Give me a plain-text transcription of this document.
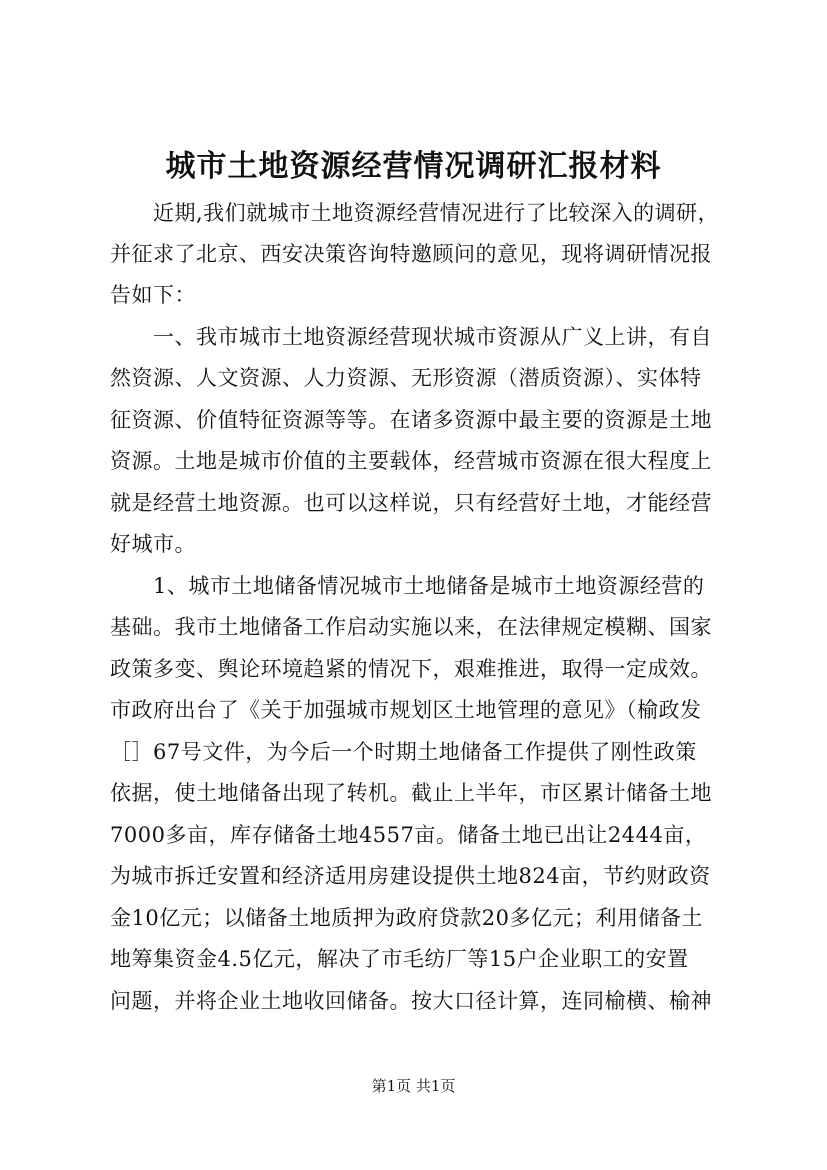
城市土地资源经营情况调研汇报材料

　　近期,我们就城市土地资源经营情况进行了比较深入的调研，

并征求了北京、西安决策咨询特邀顾问的意见，现将调研情况报

告如下：

　　一、我市城市土地资源经营现状城市资源从广义上讲，有自

然资源、人文资源、人力资源、无形资源（潜质资源）、实体特

征资源、价值特征资源等等。在诸多资源中最主要的资源是土地

资源。土地是城市价值的主要载体，经营城市资源在很大程度上

就是经营土地资源。也可以这样说，只有经营好土地，才能经营

好城市。

　　1、城市土地储备情况城市土地储备是城市土地资源经营的

基础。我市土地储备工作启动实施以来，在法律规定模糊、国家

政策多变、舆论环境趋紧的情况下，艰难推进，取得一定成效。

市政府出台了《关于加强城市规划区土地管理的意见》（榆政发

［］67号文件，为今后一个时期土地储备工作提供了刚性政策

依据，使土地储备出现了转机。截止上半年，市区累计储备土地

7000多亩，库存储备土地4557亩。储备土地已出让2444亩，

为城市拆迁安置和经济适用房建设提供土地824亩，节约财政资

金10亿元；以储备土地质押为政府贷款20多亿元；利用储备土

地筹集资金4.5亿元，解决了市毛纺厂等15户企业职工的安置

问题，并将企业土地收回储备。按大口径计算，连同榆横、榆神

第1页 共1页
